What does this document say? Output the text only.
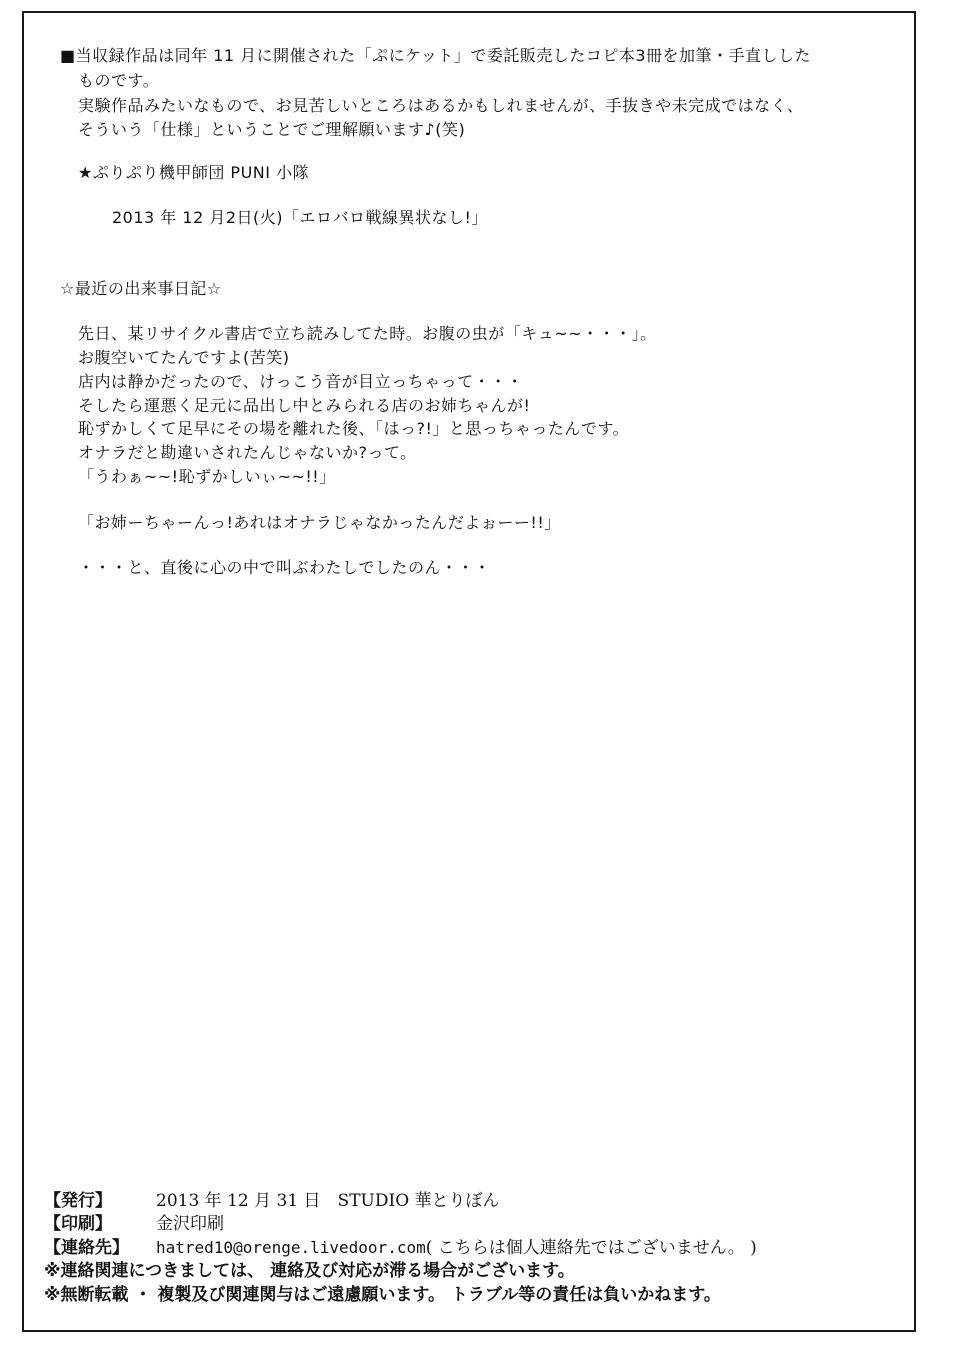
■当収録作品は同年 11 月に開催された「ぷにケット」で委託販売したコピ本3冊を加筆・手直しした
ものです。
実験作品みたいなもので、お見苦しいところはあるかもしれませんが、手抜きや未完成ではなく、
そういう「仕様」ということでご理解願います♪(笑)
★ぷりぷり機甲師団 PUNI 小隊
2013 年 12 月2日(火)「エロバロ戦線異状なし!」
☆最近の出来事日記☆
先日、某リサイクル書店で立ち読みしてた時。お腹の虫が「キュ~~・・・」。
お腹空いてたんですよ(苦笑)
店内は静かだったので、けっこう音が目立っちゃって・・・
そしたら運悪く足元に品出し中とみられる店のお姉ちゃんが!
恥ずかしくて足早にその場を離れた後、「はっ?!」と思っちゃったんです。
オナラだと勘違いされたんじゃないか?って。
「うわぁ~~!恥ずかしいぃ~~!!」
「お姉ーちゃーんっ!あれはオナラじゃなかったんだよぉーー!!」
・・・と、直後に心の中で叫ぶわたしでしたのん・・・
【発行】	2013 年 12 月 31 日　STUDIO 華とりぼん
【印刷】	金沢印刷
【連絡先】 hatred10@orenge.livedoor.com( こちらは個人連絡先ではございません。 )
※連絡関連につきましては、 連絡及び対応が滞る場合がございます。
※無断転載 ・ 複製及び関連関与はご遠慮願います。 トラブル等の責任は負いかねます。
